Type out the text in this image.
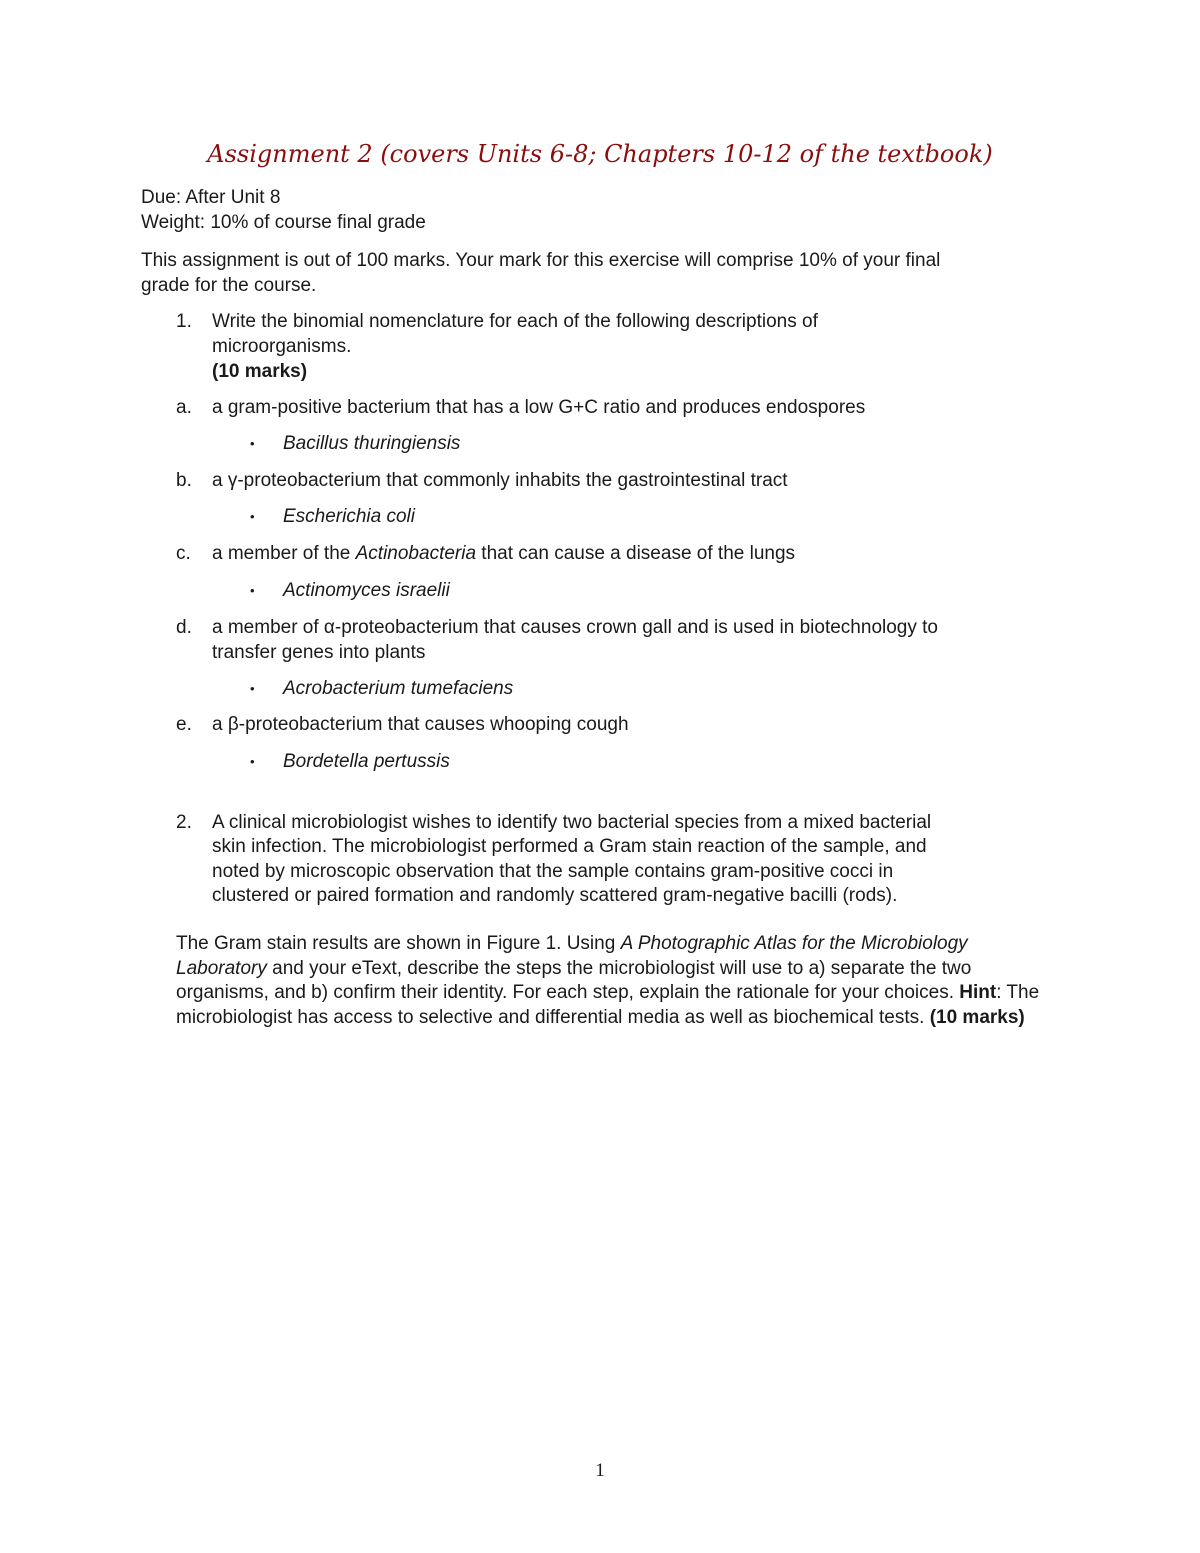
Assignment 2 (covers Units 6-8; Chapters 10-12 of the textbook)
Due: After Unit 8
Weight: 10% of course final grade
This assignment is out of 100 marks. Your mark for this exercise will comprise 10% of your final
grade for the course.
1. Write the binomial nomenclature for each of the following descriptions of
microorganisms.
(10 marks)
a. a gram-positive bacterium that has a low G+C ratio and produces endospores
• Bacillus thuringiensis
b. a γ-proteobacterium that commonly inhabits the gastrointestinal tract
• Escherichia coli
c. a member of the Actinobacteria that can cause a disease of the lungs
• Actinomyces israelii
d. a member of α-proteobacterium that causes crown gall and is used in biotechnology to
transfer genes into plants
• Acrobacterium tumefaciens
e. a β-proteobacterium that causes whooping cough
• Bordetella pertussis
2. A clinical microbiologist wishes to identify two bacterial species from a mixed bacterial
skin infection. The microbiologist performed a Gram stain reaction of the sample, and
noted by microscopic observation that the sample contains gram-positive cocci in
clustered or paired formation and randomly scattered gram-negative bacilli (rods).
The Gram stain results are shown in Figure 1. Using A Photographic Atlas for the Microbiology Laboratory and your eText, describe the steps the microbiologist will use to a) separate the two organisms, and b) confirm their identity. For each step, explain the rationale for your choices. Hint: The microbiologist has access to selective and differential media as well as biochemical tests. (10 marks)
1
